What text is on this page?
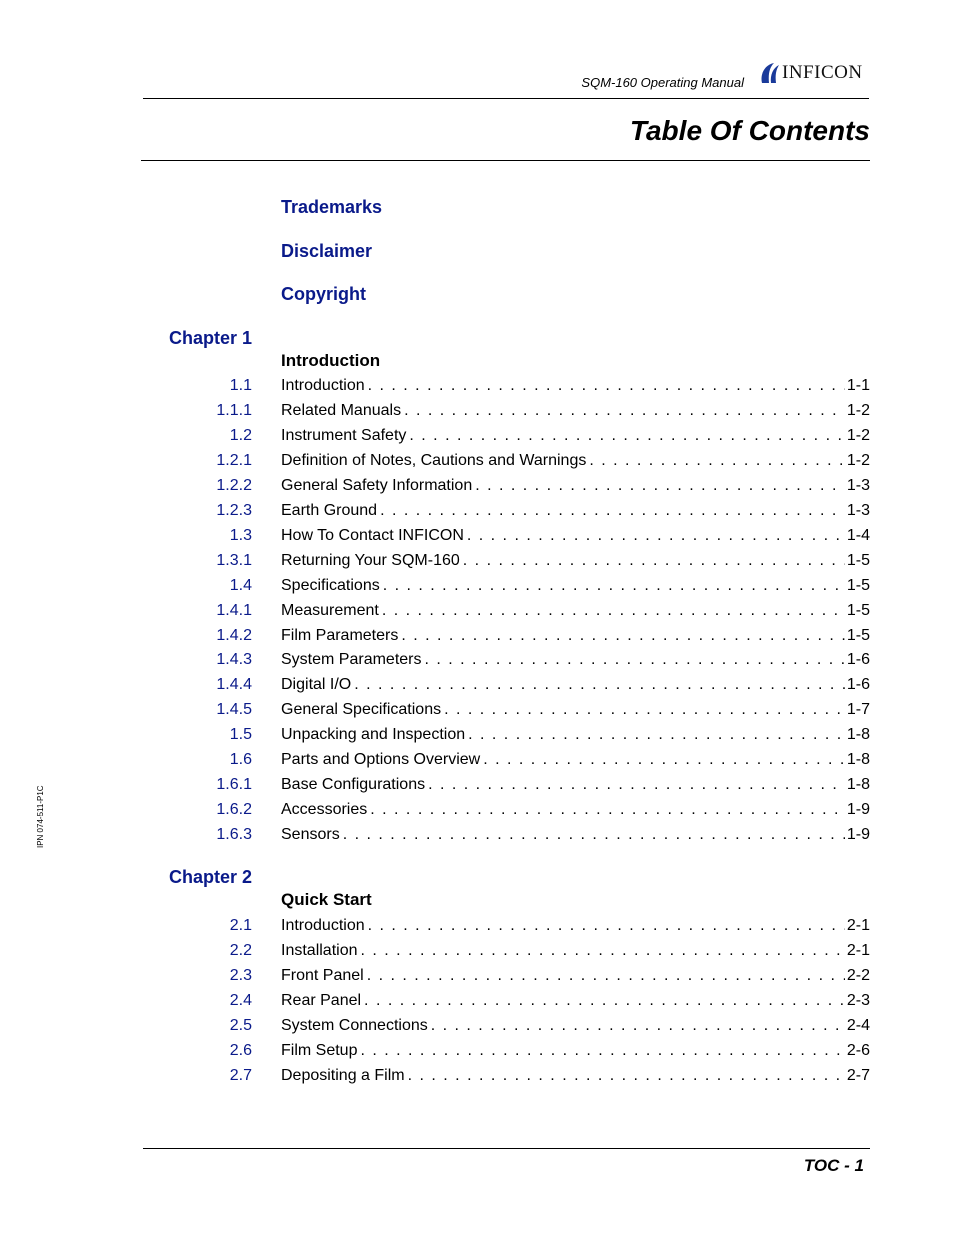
SQM-160 Operating Manual INFICON
Table Of Contents
Trademarks
Disclaimer
Copyright
Chapter 1
Introduction
1.1 Introduction . . .	1-1
1.1.1 Related Manuals . . .	1-2
1.2 Instrument Safety . . .	1-2
1.2.1 Definition of Notes, Cautions and Warnings . . .	1-2
1.2.2 General Safety Information . . .	1-3
1.2.3 Earth Ground . . .	1-3
1.3 How To Contact INFICON . . .	1-4
1.3.1 Returning Your SQM-160 . . .	1-5
1.4 Specifications . . .	1-5
1.4.1 Measurement . . .	1-5
1.4.2 Film Parameters . . .	1-5
1.4.3 System Parameters . . .	1-6
1.4.4 Digital I/O . . .	1-6
1.4.5 General Specifications . . .	1-7
1.5 Unpacking and Inspection . . .	1-8
1.6 Parts and Options Overview . . .	1-8
1.6.1 Base Configurations . . .	1-8
1.6.2 Accessories . . .	1-9
1.6.3 Sensors . . .	1-9
Chapter 2
Quick Start
2.1 Introduction . . .	2-1
2.2 Installation . . .	2-1
2.3 Front Panel . . .	2-2
2.4 Rear Panel . . .	2-3
2.5 System Connections . . .	2-4
2.6 Film Setup . . .	2-6
2.7 Depositing a Film . . .	2-7
IPN 074-511-P1C
TOC - 1
